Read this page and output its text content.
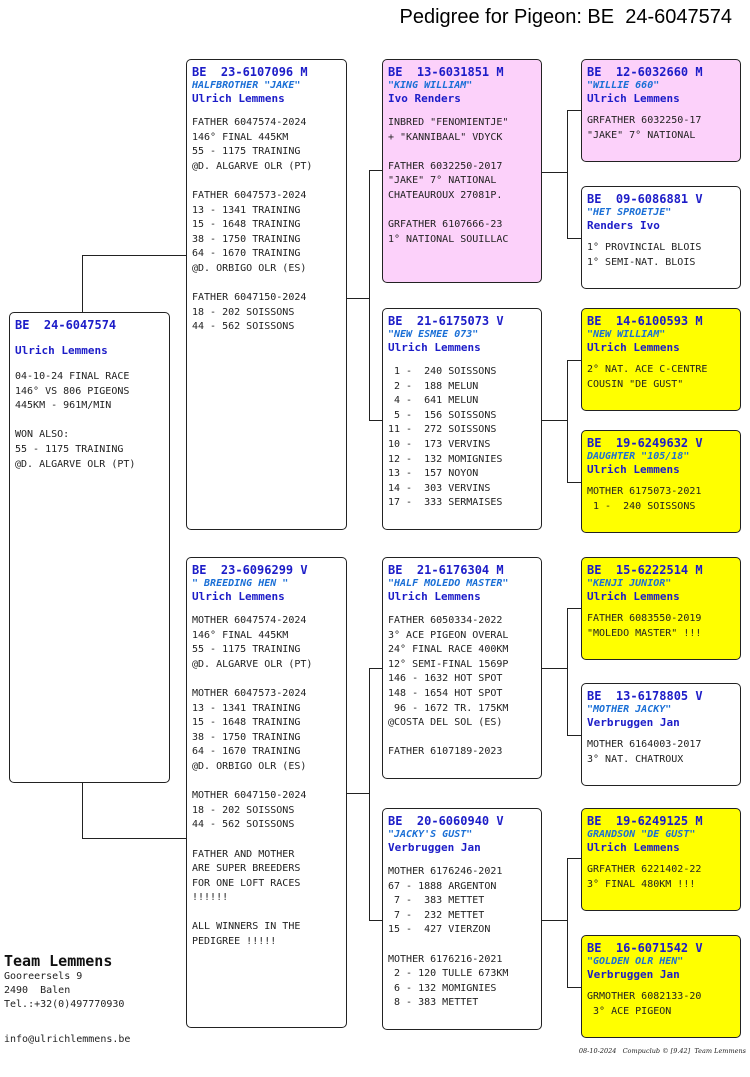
Pedigree for Pigeon: BE  24-6047574
BE  24-6047574
Ulrich Lemmens
04-10-24 FINAL RACE
146° VS 806 PIGEONS
445KM - 961M/MIN

WON ALSO:
55 - 1175 TRAINING
@D. ALGARVE OLR (PT)
BE  23-6107096 M
HALFBROTHER "JAKE"
Ulrich Lemmens
FATHER 6047574-2024
146° FINAL 445KM
55 - 1175 TRAINING
@D. ALGARVE OLR (PT)

FATHER 6047573-2024
13 - 1341 TRAINING
15 - 1648 TRAINING
38 - 1750 TRAINING
64 - 1670 TRAINING
@D. ORBIGO OLR (ES)

FATHER 6047150-2024
18 - 202 SOISSONS
44 - 562 SOISSONS
BE  23-6096299 V
" BREEDING HEN "
Ulrich Lemmens
MOTHER 6047574-2024
146° FINAL 445KM
55 - 1175 TRAINING
@D. ALGARVE OLR (PT)

MOTHER 6047573-2024
13 - 1341 TRAINING
15 - 1648 TRAINING
38 - 1750 TRAINING
64 - 1670 TRAINING
@D. ORBIGO OLR (ES)

MOTHER 6047150-2024
18 - 202 SOISSONS
44 - 562 SOISSONS

FATHER AND MOTHER
ARE SUPER BREEDERS
FOR ONE LOFT RACES
!!!!!!

ALL WINNERS IN THE
PEDIGREE !!!!!
BE  13-6031851 M
"KING WILLIAM"
Ivo Renders
INBRED "FENOMIENTJE"
+ "KANNIBAAL" VDYCK

FATHER 6032250-2017
"JAKE" 7° NATIONAL
CHATEAUROUX 27081P.

GRFATHER 6107666-23
1° NATIONAL SOUILLAC
BE  21-6175073 V
"NEW ESMEE 073"
Ulrich Lemmens
1 -  240 SOISSONS
2 -  188 MELUN
4 -  641 MELUN
5 -  156 SOISSONS
11 -  272 SOISSONS
10 -  173 VERVINS
12 -  132 MOMIGNIES
13 -  157 NOYON
14 -  303 VERVINS
17 -  333 SERMAISES
BE  21-6176304 M
"HALF MOLEDO MASTER"
Ulrich Lemmens
FATHER 6050334-2022
3° ACE PIGEON OVERAL
24° FINAL RACE 400KM
12° SEMI-FINAL 1569P
146 - 1632 HOT SPOT
148 - 1654 HOT SPOT
96 - 1672 TR. 175KM
@COSTA DEL SOL (ES)

FATHER 6107189-2023
BE  20-6060940 V
"JACKY'S GUST"
Verbruggen Jan
MOTHER 6176246-2021
67 - 1888 ARGENTON
7 -  383 METTET
7 -  232 METTET
15 -  427 VIERZON

MOTHER 6176216-2021
2 - 120 TULLE 673KM
6 - 132 MOMIGNIES
8 - 383 METTET
BE  12-6032660 M
"WILLIE 660"
Ulrich Lemmens
GRFATHER 6032250-17
"JAKE" 7° NATIONAL
BE  09-6086881 V
"HET SPROETJE"
Renders Ivo
1° PROVINCIAL BLOIS
1° SEMI-NAT. BLOIS
BE  14-6100593 M
"NEW WILLIAM"
Ulrich Lemmens
2° NAT. ACE C-CENTRE
COUSIN "DE GUST"
BE  19-6249632 V
DAUGHTER "105/18"
Ulrich Lemmens
MOTHER 6175073-2021
1 -  240 SOISSONS
BE  15-6222514 M
"KENJI JUNIOR"
Ulrich Lemmens
FATHER 6083550-2019
"MOLEDO MASTER" !!!
BE  13-6178805 V
"MOTHER JACKY"
Verbruggen Jan
MOTHER 6164003-2017
3° NAT. CHATROUX
BE  19-6249125 M
GRANDSON "DE GUST"
Ulrich Lemmens
GRFATHER 6221402-22
3° FINAL 480KM !!!
BE  16-6071542 V
"GOLDEN OLR HEN"
Verbruggen Jan
GRMOTHER 6082133-20
3° ACE PIGEON
Team Lemmens
Gooreersels 9
2490  Balen
Tel.:+32(0)497770930
info@ulrichlemmens.be
08-10-2024   Compuclub © [9.42]  Team Lemmens
